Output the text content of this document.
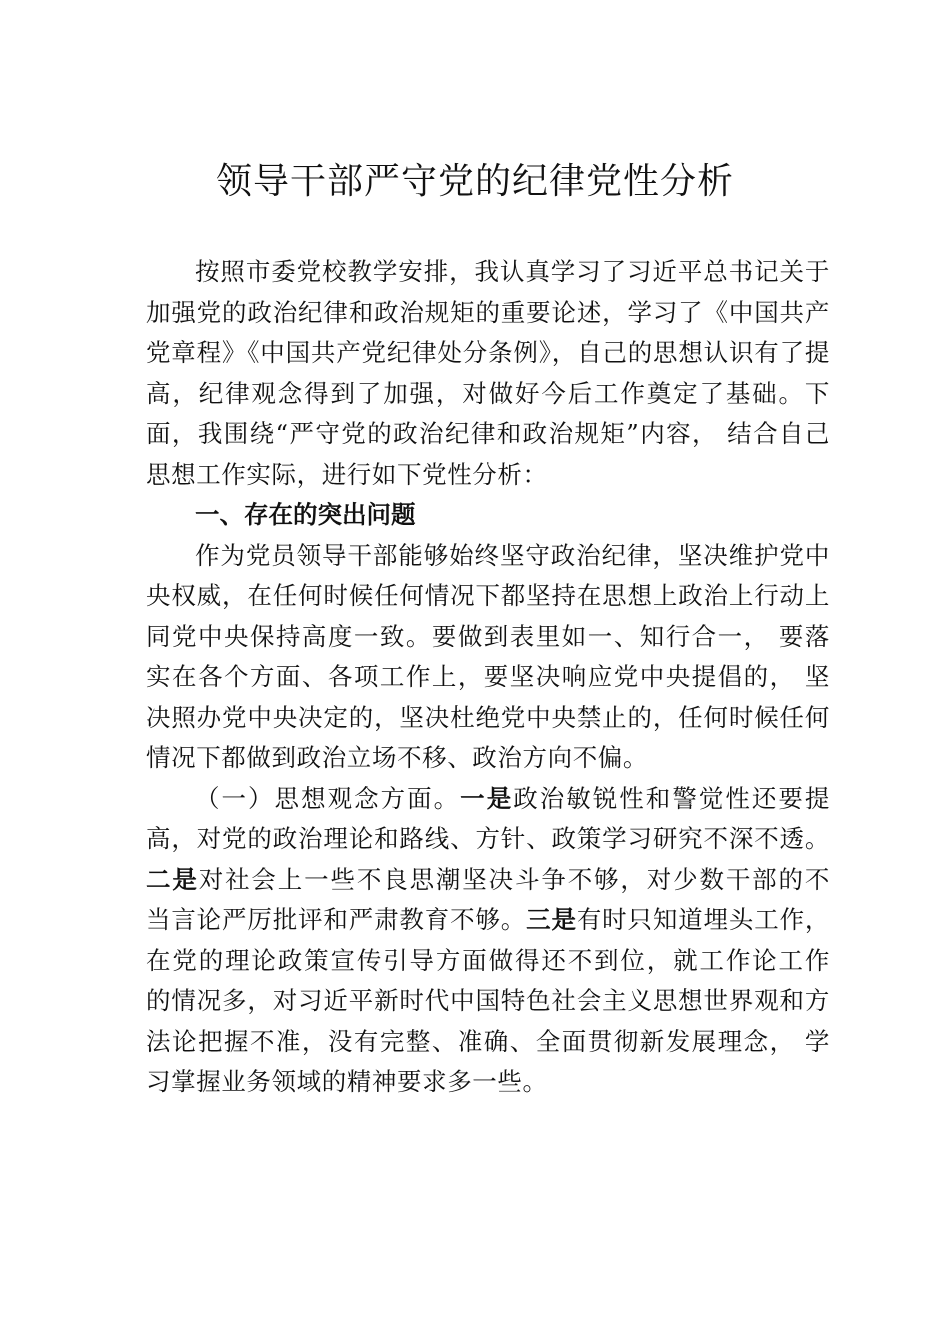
领导干部严守党的纪律党性分析

按照市委党校教学安排，我认真学习了习近平总书记关于加强党的政治纪律和政治规矩的重要论述，学习了《中国共产党章程》《中国共产党纪律处分条例》，自己的思想认识有了提高，纪律观念得到了加强，对做好今后工作奠定了基础。下面，我围绕“严守党的政治纪律和政治规矩”内容， 结合自己思想工作实际，进行如下党性分析：

一、存在的突出问题

作为党员领导干部能够始终坚守政治纪律，坚决维护党中央权威，在任何时候任何情况下都坚持在思想上政治上行动上同党中央保持高度一致。要做到表里如一、知行合一， 要落实在各个方面、各项工作上，要坚决响应党中央提倡的， 坚决照办党中央决定的，坚决杜绝党中央禁止的，任何时候任何情况下都做到政治立场不移、政治方向不偏。

（一）思想观念方面。一是政治敏锐性和警觉性还要提高，对党的政治理论和路线、方针、政策学习研究不深不透。二是对社会上一些不良思潮坚决斗争不够，对少数干部的不 当言论严厉批评和严肃教育不够。三是有时只知道埋头工作， 在党的理论政策宣传引导方面做得还不到位，就工作论工作 的情况多，对习近平新时代中国特色社会主义思想世界观和方法论把握不准，没有完整、准确、全面贯彻新发展理念， 学习掌握业务领域的精神要求多一些。
